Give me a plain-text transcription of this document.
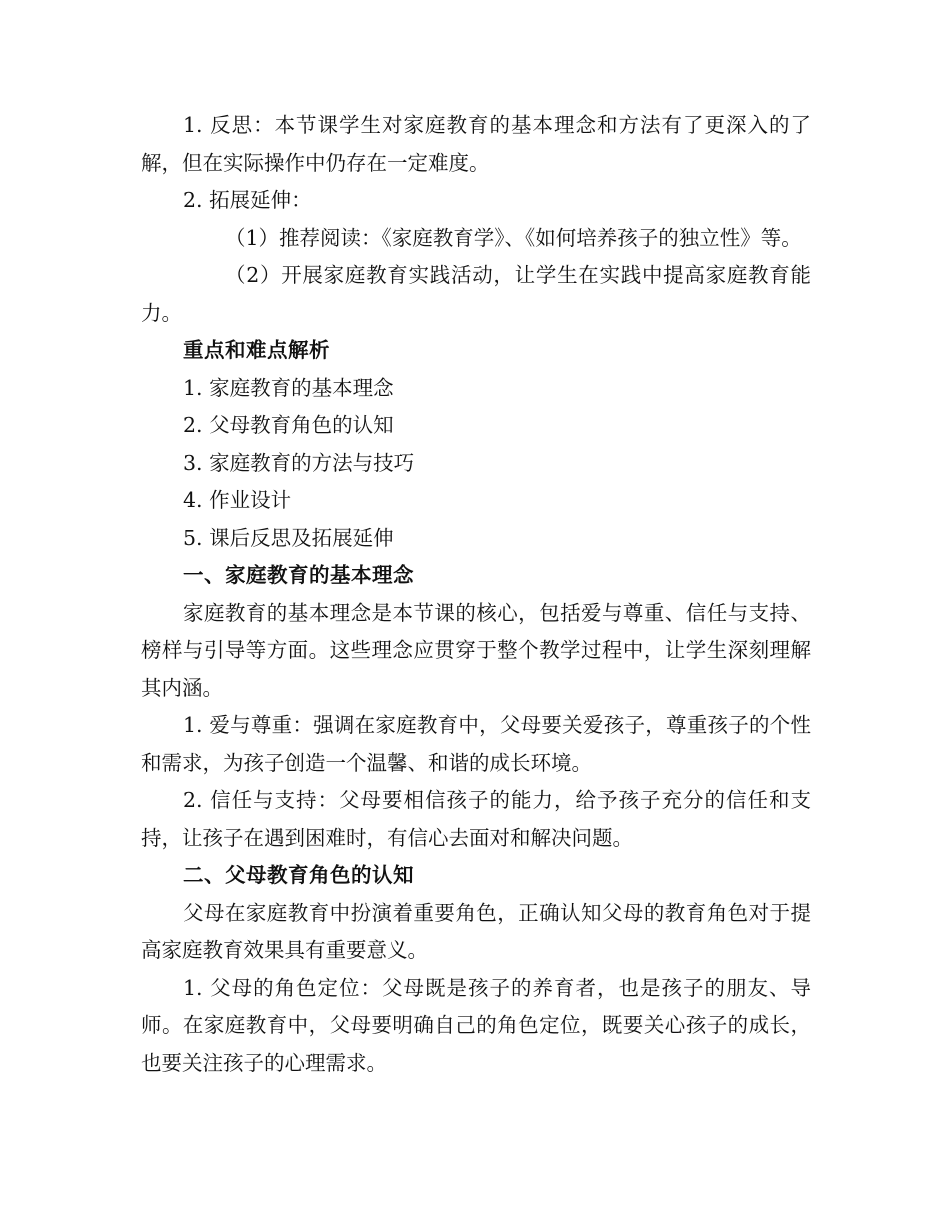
1. 反思：本节课学生对家庭教育的基本理念和方法有了更深入的了解，但在实际操作中仍存在一定难度。

2. 拓展延伸：

（1）推荐阅读：《家庭教育学》、《如何培养孩子的独立性》等。

（2）开展家庭教育实践活动，让学生在实践中提高家庭教育能力。

重点和难点解析

1. 家庭教育的基本理念

2. 父母教育角色的认知

3. 家庭教育的方法与技巧

4. 作业设计

5. 课后反思及拓展延伸

一、家庭教育的基本理念

家庭教育的基本理念是本节课的核心，包括爱与尊重、信任与支持、榜样与引导等方面。这些理念应贯穿于整个教学过程中，让学生深刻理解其内涵。

1. 爱与尊重：强调在家庭教育中，父母要关爱孩子，尊重孩子的个性和需求，为孩子创造一个温馨、和谐的成长环境。

2. 信任与支持：父母要相信孩子的能力，给予孩子充分的信任和支持，让孩子在遇到困难时，有信心去面对和解决问题。

二、父母教育角色的认知

父母在家庭教育中扮演着重要角色，正确认知父母的教育角色对于提高家庭教育效果具有重要意义。

1. 父母的角色定位：父母既是孩子的养育者，也是孩子的朋友、导师。在家庭教育中，父母要明确自己的角色定位，既要关心孩子的成长，也要关注孩子的心理需求。
